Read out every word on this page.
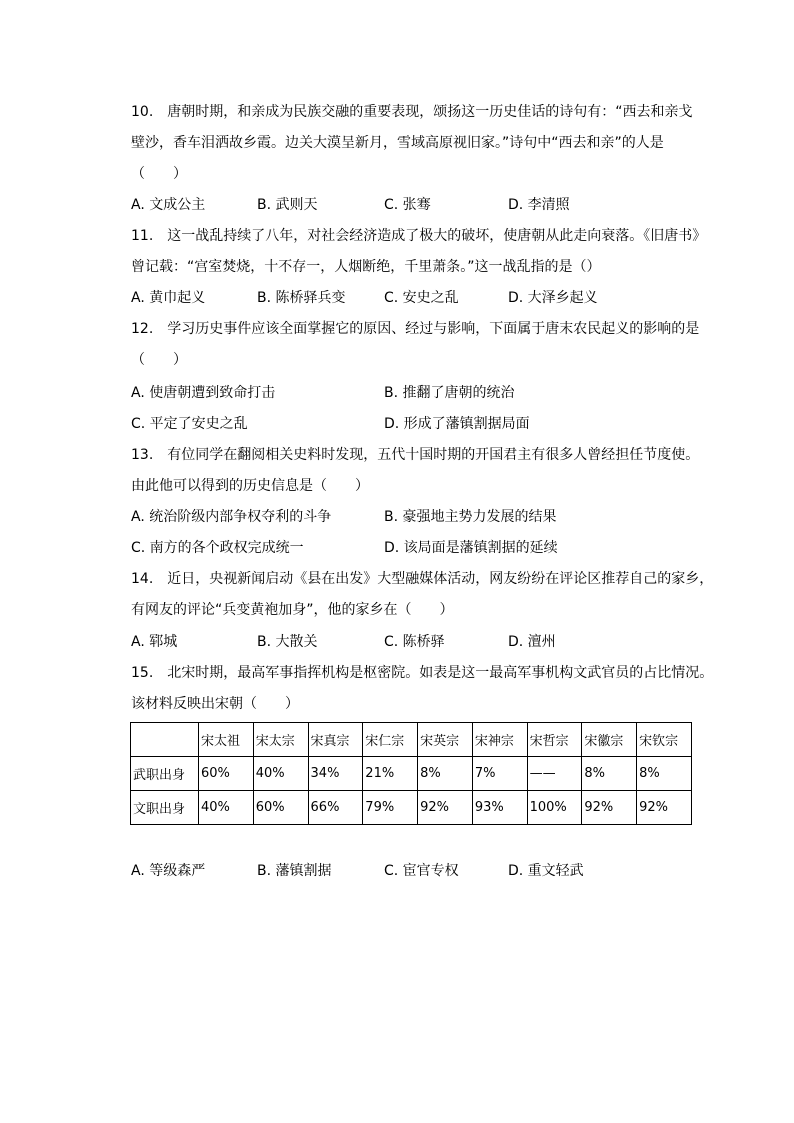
10.　唐朝时期，和亲成为民族交融的重要表现，颂扬这一历史佳话的诗句有：“西去和亲戈
壁沙，香车泪洒故乡霞。边关大漠呈新月，雪域高原视旧家。”诗句中“西去和亲”的人是
（　　）
A. 文成公主	B. 武则天	C. 张骞	D. 李清照
11.　这一战乱持续了八年，对社会经济造成了极大的破坏，使唐朝从此走向衰落。《旧唐书》
曾记载：“宫室焚烧，十不存一，人烟断绝，千里萧条。”这一战乱指的是（）
A. 黄巾起义	B. 陈桥驿兵变	C. 安史之乱	D. 大泽乡起义
12.　学习历史事件应该全面掌握它的原因、经过与影响，下面属于唐末农民起义的影响的是
（　　）
A. 使唐朝遭到致命打击	B. 推翻了唐朝的统治
C. 平定了安史之乱	D. 形成了藩镇割据局面
13.　有位同学在翻阅相关史料时发现，五代十国时期的开国君主有很多人曾经担任节度使。
由此他可以得到的历史信息是（　　）
A. 统治阶级内部争权夺利的斗争	B. 豪强地主势力发展的结果
C. 南方的各个政权完成统一	D. 该局面是藩镇割据的延续
14.　近日，央视新闻启动《县在出发》大型融媒体活动，网友纷纷在评论区推荐自己的家乡，
有网友的评论“兵变黄袍加身”，他的家乡在（　　）
A. 郓城	B. 大散关	C. 陈桥驿	D. 澶州
15.　北宋时期，最高军事指挥机构是枢密院。如表是这一最高军事机构文武官员的占比情况。
该材料反映出宋朝（　　）
	宋太祖	宋太宗	宋真宗	宋仁宗	宋英宗	宋神宗	宋哲宗	宋徽宗	宋钦宗
武职出身	60%	40%	34%	21%	8%	7%	——	8%	8%
文职出身	40%	60%	66%	79%	92%	93%	100%	92%	92%
A. 等级森严	B. 藩镇割据	C. 宦官专权	D. 重文轻武
